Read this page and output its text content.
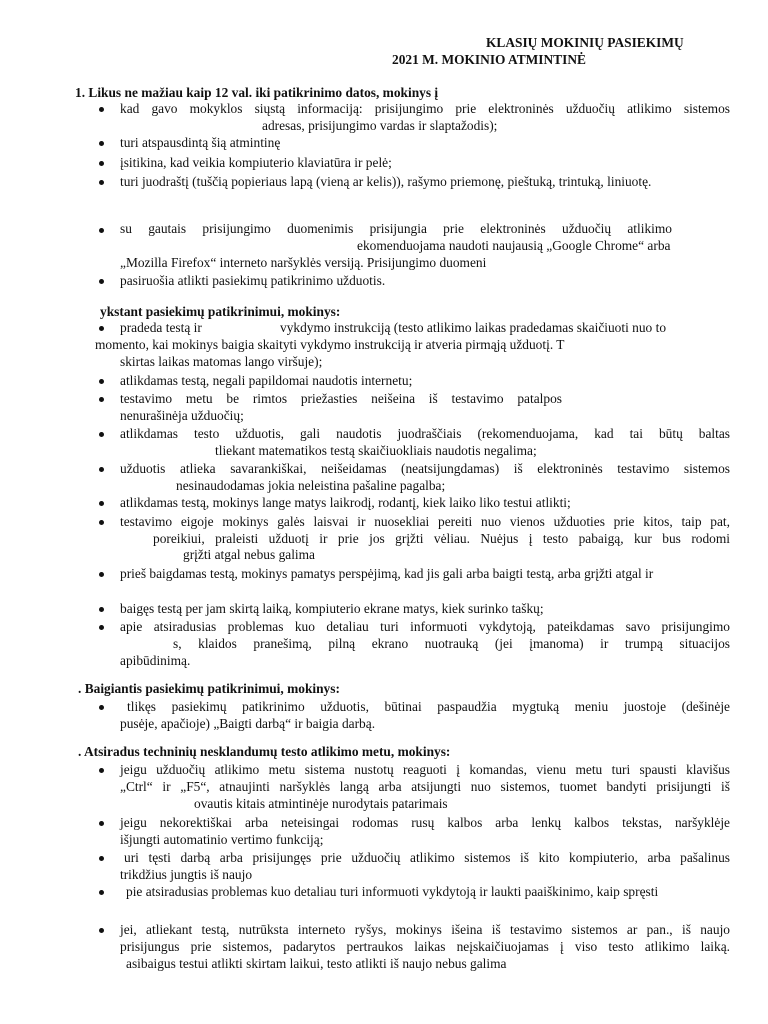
KLASIŲ MOKINIŲ PASIEKIMŲ
2021 M. MOKINIO ATMINTINĖ
1. Likus ne mažiau kaip 12 val. iki patikrinimo datos, mokinys į
kad gavo mokyklos siųstą informaciją: prisijungimo prie elektroninės užduočių atlikimo sistemos
adresas, prisijungimo vardas ir slaptažodis);
turi atspausdintą šią atmintinę
įsitikina, kad veikia kompiuterio klaviatūra ir pelė;
turi juodraštį (tuščią popieriaus lapą (vieną ar kelis)), rašymo priemonę, pieštuką, trintuką, liniuotę.
su gautais prisijungimo duomenimis prisijungia prie elektroninės užduočių atlikimo
ekomenduojama naudoti naujausią „Google Chrome“ arba
„Mozilla Firefox“ interneto naršyklės versiją. Prisijungimo duomeni
pasiruošia atlikti pasiekimų patikrinimo užduotis.
ykstant pasiekimų patikrinimui, mokinys:
pradeda testą ir	vykdymo instrukciją (testo atlikimo laikas pradedamas skaičiuoti nuo to
momento, kai mokinys baigia skaityti vykdymo instrukciją ir atveria pirmąją užduotį. T
skirtas laikas matomas lango viršuje);
atlikdamas testą, negali papildomai naudotis internetu;
testavimo metu be rimtos priežasties neišeina iš testavimo patalpos
nenurašinėja užduočių;
atlikdamas testo užduotis, gali naudotis juodraščiais (rekomenduojama, kad tai būtų baltas
tliekant matematikos testą skaičiuokliais naudotis negalima;
užduotis atlieka savarankiškai, neišeidamas (neatsijungdamas) iš elektroninės testavimo sistemos
nesinaudodamas jokia neleistina pašaline pagalba;
atlikdamas testą, mokinys lange matys laikrodį, rodantį, kiek laiko liko testui atlikti;
testavimo eigoje mokinys galės laisvai ir nuosekliai pereiti nuo vienos užduoties prie kitos, taip pat,
poreikiui, praleisti užduotį ir prie jos grįžti vėliau. Nuėjus į testo pabaigą, kur bus rodomi
grįžti atgal nebus galima
prieš baigdamas testą, mokinys pamatys perspėjimą, kad jis gali arba baigti testą, arba grįžti atgal ir
baigęs testą per jam skirtą laiką, kompiuterio ekrane matys, kiek surinko taškų;
apie atsiradusias problemas kuo detaliau turi informuoti vykdytoją, pateikdamas savo prisijungimo
s, klaidos pranešimą, pilną ekrano nuotrauką (jei įmanoma) ir trumpą situacijos
apibūdinimą.
. Baigiantis pasiekimų patikrinimui, mokinys:
tlikęs pasiekimų patikrinimo užduotis, būtinai paspaudžia mygtuką meniu juostoje (dešinėje
pusėje, apačioje) „Baigti darbą“ ir baigia darbą.
. Atsiradus techninių nesklandumų testo atlikimo metu, mokinys:
jeigu užduočių atlikimo metu sistema nustotų reaguoti į komandas, vienu metu turi spausti klavišus
„Ctrl“ ir „F5“, atnaujinti naršyklės langą arba atsijungti nuo sistemos, tuomet bandyti prisijungti iš
ovautis kitais atmintinėje nurodytais patarimais
jeigu nekorektiškai arba neteisingai rodomas rusų kalbos arba lenkų kalbos tekstas, naršyklėje
išjungti automatinio vertimo funkciją;
uri tęsti darbą arba prisijungęs prie užduočių atlikimo sistemos iš kito kompiuterio, arba pašalinus
trikdžius jungtis iš naujo
pie atsiradusias problemas kuo detaliau turi informuoti vykdytoją ir laukti paaiškinimo, kaip spręsti
jei, atliekant testą, nutrūksta interneto ryšys, mokinys išeina iš testavimo sistemos ar pan., iš naujo
prisijungus prie sistemos, padarytos pertraukos laikas neįskaičiuojamas į viso testo atlikimo laiką.
asibaigus testui atlikti skirtam laikui, testo atlikti iš naujo nebus galima
